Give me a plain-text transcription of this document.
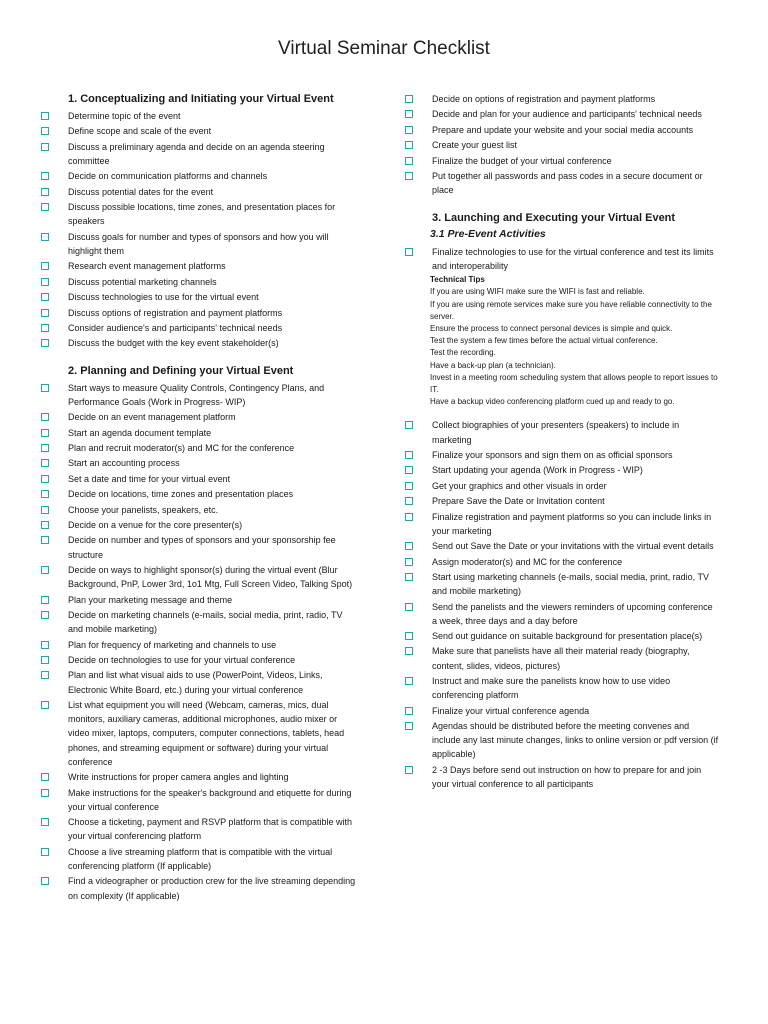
Virtual Seminar Checklist
1. Conceptualizing and Initiating your Virtual Event
Determine topic of the event
Define scope and scale of the event
Discuss a preliminary agenda and decide on an agenda steering committee
Decide on communication platforms and channels
Discuss potential dates for the event
Discuss possible locations, time zones, and presentation places for speakers
Discuss goals for number and types of sponsors and how you will highlight them
Research event management platforms
Discuss potential marketing channels
Discuss technologies to use for the virtual event
Discuss options of registration and payment platforms
Consider audience's and participants' technical needs
Discuss the budget with the key event stakeholder(s)
2. Planning and Defining your Virtual Event
Start ways to measure Quality Controls, Contingency Plans, and Performance Goals (Work in Progress- WIP)
Decide on an event management platform
Start an agenda document template
Plan and recruit moderator(s) and MC for the conference
Start an accounting process
Set a date and time for your virtual event
Decide on locations, time zones and presentation places
Choose your panelists, speakers, etc.
Decide on a venue for the core presenter(s)
Decide on number and types of sponsors and your sponsorship fee structure
Decide on ways to highlight sponsor(s) during the virtual event (Blur Background, PnP, Lower 3rd, 1o1 Mtg, Full Screen Video, Talking Spot)
Plan your marketing message and theme
Decide on marketing channels (e-mails, social media, print, radio, TV and mobile marketing)
Plan for frequency of marketing and channels to use
Decide on technologies to use for your virtual conference
Plan and list what visual aids to use (PowerPoint, Videos, Links, Electronic White Board, etc.) during your virtual conference
List what equipment you will need (Webcam, cameras, mics, dual monitors, auxiliary cameras, additional microphones, audio mixer or video mixer, laptops, computers, computer connections, tablets, head phones, and streaming equipment or software) during your virtual conference
Write instructions for proper camera angles and lighting
Make instructions for the speaker's background and etiquette for during your virtual conference
Choose a ticketing, payment and RSVP platform that is compatible with your virtual conferencing platform
Choose a live streaming platform that is compatible with the virtual conferencing platform (If applicable)
Find a videographer or production crew for the live streaming depending on complexity (If applicable)
Decide on options of registration and payment platforms
Decide and plan for your audience and participants' technical needs
Prepare and update your website and your social media accounts
Create your guest list
Finalize the budget of your virtual conference
Put together all passwords and pass codes in a secure document or place
3. Launching and Executing your Virtual Event
3.1 Pre-Event Activities
Finalize technologies to use for the virtual conference and test its limits and interoperability
Technical Tips
If you are using WIFI make sure the WIFI is fast and reliable.
If you are using remote services make sure you have reliable connectivity to the server.
Ensure the process to connect personal devices is simple and quick.
Test the system a few times before the actual virtual conference.
Test the recording.
Have a back-up plan (a technician).
Invest in a meeting room scheduling system that allows people to report issues to IT.
Have a backup video conferencing platform cued up and ready to go.
Collect biographies of your presenters (speakers) to include in marketing
Finalize your sponsors and sign them on as official sponsors
Start updating your agenda (Work in Progress - WIP)
Get your graphics and other visuals in order
Prepare Save the Date or Invitation content
Finalize registration and payment platforms so you can include links in your marketing
Send out Save the Date or your invitations with the virtual event details
Assign moderator(s) and MC for the conference
Start using marketing channels (e-mails, social media, print, radio, TV and mobile marketing)
Send the panelists and the viewers reminders of upcoming conference a week, three days and a day before
Send out guidance on suitable background for presentation place(s)
Make sure that panelists have all their material ready (biography, content, slides, videos, pictures)
Instruct and make sure the panelists know how to use video conferencing platform
Finalize your virtual conference agenda
Agendas should be distributed before the meeting convenes and include any last minute changes, links to online version or pdf version (if applicable)
2 -3 Days before send out instruction on how to prepare for and join your virtual conference to all participants
